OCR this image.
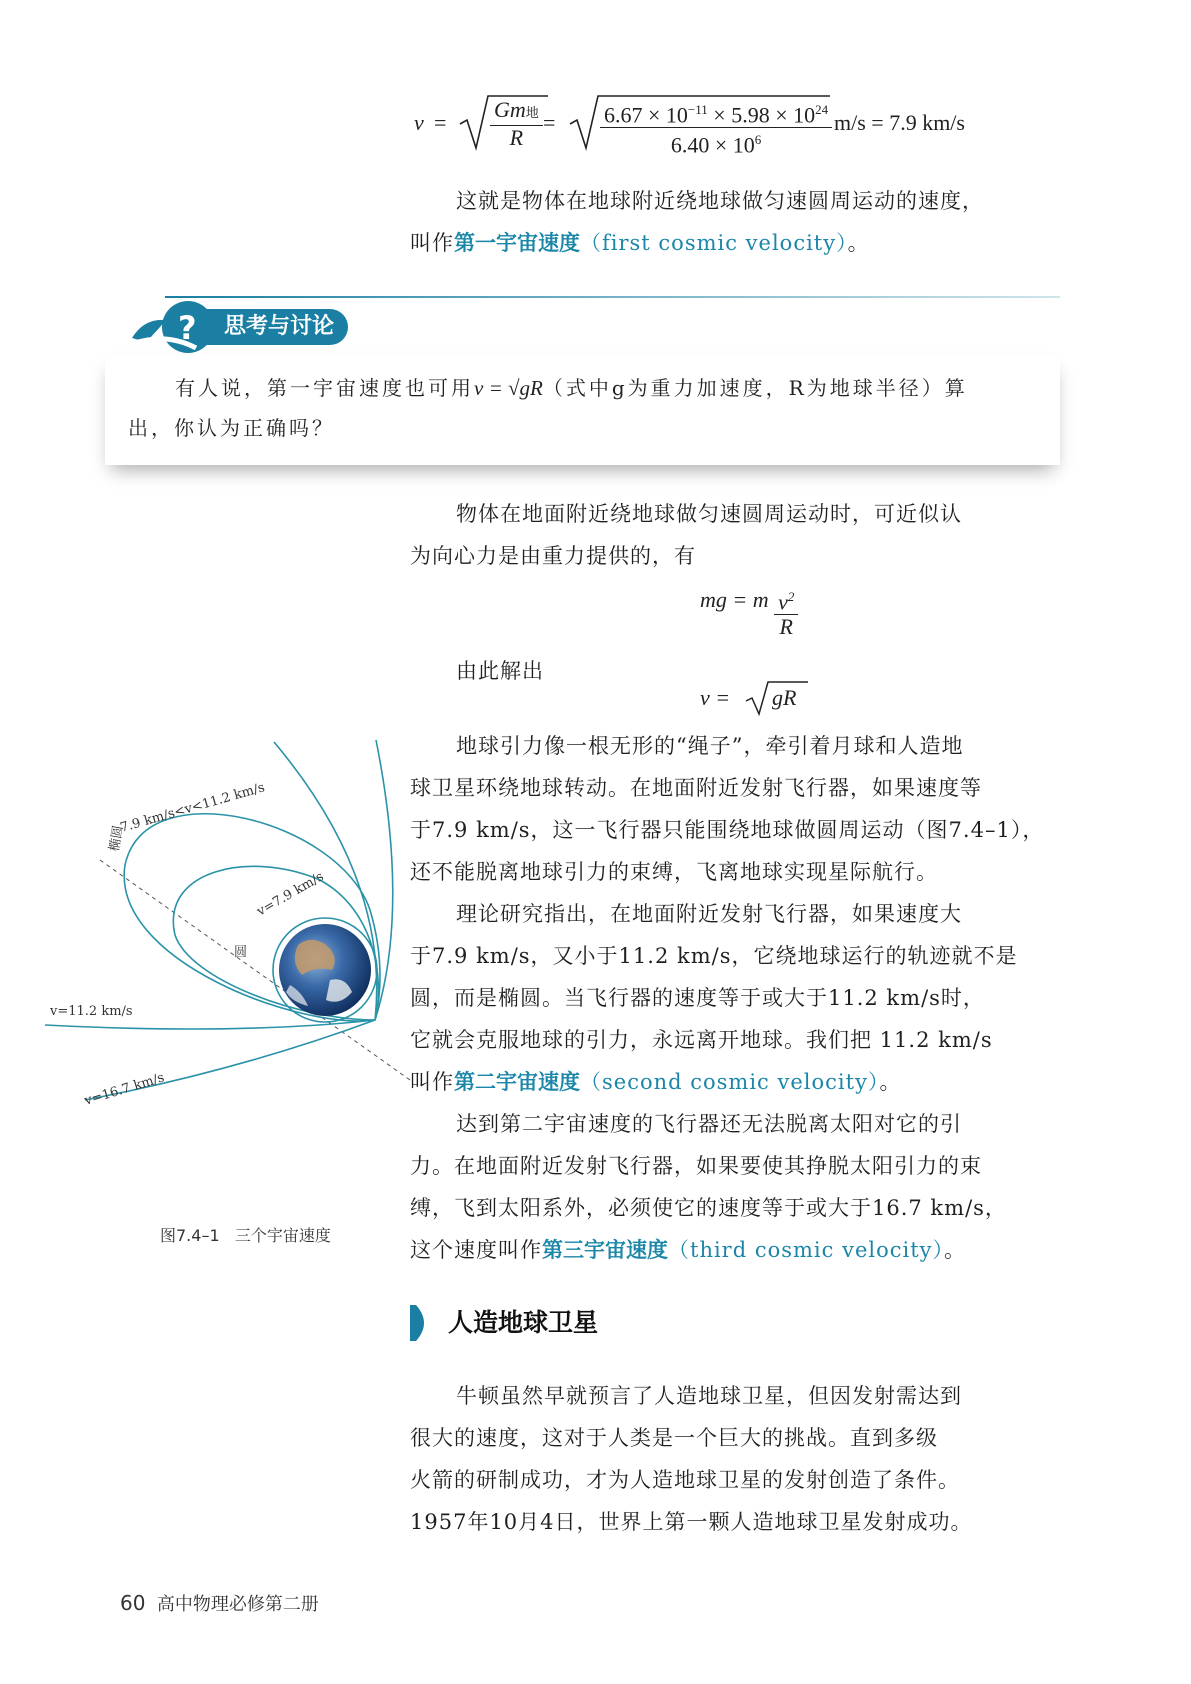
v =
Gm地
R
= $\frac{6.67 \times 10^{-11} \times 5.98 \times 10^{24}}{6.40 \times 10^6} m/s = 7.9$ km/s
这就是物体在地球附近绕地球做匀速圆周运动的速度，
叫作第一宇宙速度（first cosmic velocity）。
思考与讨论
?
有人说，第一宇宙速度也可用v = √gR（式中g为重力加速度，R为地球半径）算
出，你认为正确吗？
物体在地面附近绕地球做匀速圆周运动时，可近似认
为向心力是由重力提供的，有
mg = m $\frac{v^2}{R}$
由此解出
v = gR
地球引力像一根无形的“绳子”，牵引着月球和人造地
球卫星环绕地球转动。在地面附近发射飞行器，如果速度等
于7.9 km/s，这一飞行器只能围绕地球做圆周运动（图7.4–1），
还不能脱离地球引力的束缚，飞离地球实现星际航行。
理论研究指出，在地面附近发射飞行器，如果速度大
于7.9 km/s，又小于11.2 km/s，它绕地球运行的轨迹就不是
圆，而是椭圆。当飞行器的速度等于或大于11.2 km/s时，
它就会克服地球的引力，永远离开地球。我们把 11.2 km/s
叫作第二宇宙速度（second cosmic velocity）。
达到第二宇宙速度的飞行器还无法脱离太阳对它的引
力。在地面附近发射飞行器，如果要使其挣脱太阳引力的束
缚，飞到太阳系外，必须使它的速度等于或大于16.7 km/s，
这个速度叫作第三宇宙速度（third cosmic velocity）。
人造地球卫星
牛顿虽然早就预言了人造地球卫星，但因发射需达到
很大的速度，这对于人类是一个巨大的挑战。直到多级
火箭的研制成功，才为人造地球卫星的发射创造了条件。
1957年10月4日，世界上第一颗人造地球卫星发射成功。
7.9 km/s<v<11.2 km/s
椭圆
v=7.9 km/s
圆
v=11.2 km/s
v=16.7 km/s
图7.4–1 三个宇宙速度
60 高中物理必修第二册
